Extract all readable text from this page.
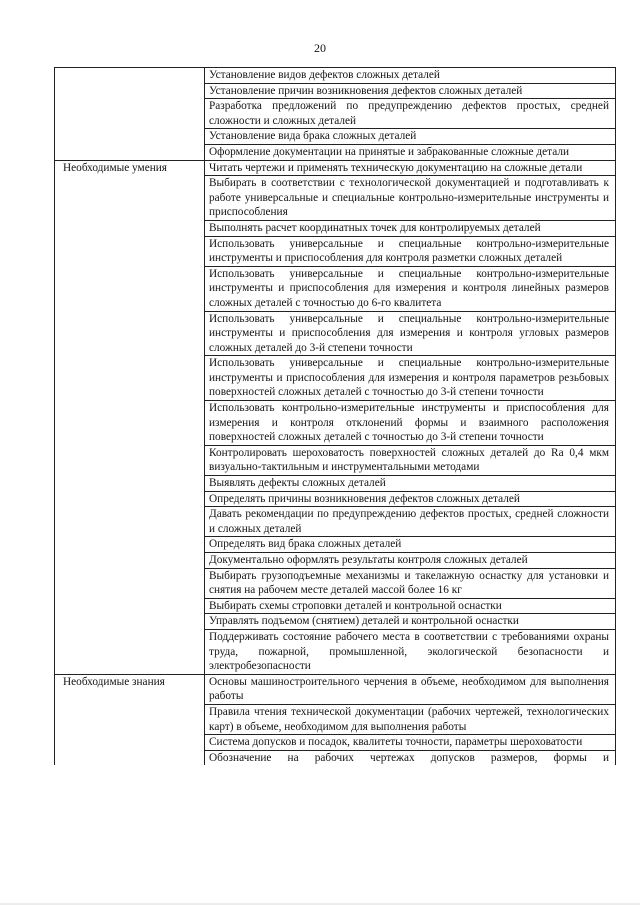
20
	Установление видов дефектов сложных деталей
	Установление причин возникновения дефектов сложных деталей
	Разработка предложений по предупреждению дефектов простых, средней сложности и сложных деталей
	Установление вида брака сложных деталей
	Оформление документации на принятые и забракованные сложные детали
Необходимые умения	Читать чертежи и применять техническую документацию на сложные детали
	Выбирать в соответствии с технологической документацией и подготавливать к работе универсальные и специальные контрольно-измерительные инструменты и приспособления
	Выполнять расчет координатных точек для контролируемых деталей
	Использовать универсальные и специальные контрольно-измерительные инструменты и приспособления для контроля разметки сложных деталей
	Использовать универсальные и специальные контрольно-измерительные инструменты и приспособления для измерения и контроля линейных размеров сложных деталей с точностью до 6-го квалитета
	Использовать универсальные и специальные контрольно-измерительные инструменты и приспособления для измерения и контроля угловых размеров сложных деталей до 3-й степени точности
	Использовать универсальные и специальные контрольно-измерительные инструменты и приспособления для измерения и контроля параметров резьбовых поверхностей сложных деталей с точностью до 3-й степени точности
	Использовать контрольно-измерительные инструменты и приспособления для измерения и контроля отклонений формы и взаимного расположения поверхностей сложных деталей с точностью до 3-й степени точности
	Контролировать шероховатость поверхностей сложных деталей до Ra 0,4 мкм визуально-тактильным и инструментальными методами
	Выявлять дефекты сложных деталей
	Определять причины возникновения дефектов сложных деталей
	Давать рекомендации по предупреждению дефектов простых, средней сложности и сложных деталей
	Определять вид брака сложных деталей
	Документально оформлять результаты контроля сложных деталей
	Выбирать грузоподъемные механизмы и такелажную оснастку для установки и снятия на рабочем месте деталей массой более 16 кг
	Выбирать схемы строповки деталей и контрольной оснастки
	Управлять подъемом (снятием) деталей и контрольной оснастки
	Поддерживать состояние рабочего места в соответствии с требованиями охраны труда, пожарной, промышленной, экологической безопасности и электробезопасности
Необходимые знания	Основы машиностроительного черчения в объеме, необходимом для выполнения работы
	Правила чтения технической документации (рабочих чертежей, технологических карт) в объеме, необходимом для выполнения работы
	Система допусков и посадок, квалитеты точности, параметры шероховатости
	Обозначение на рабочих чертежах допусков размеров, формы и
